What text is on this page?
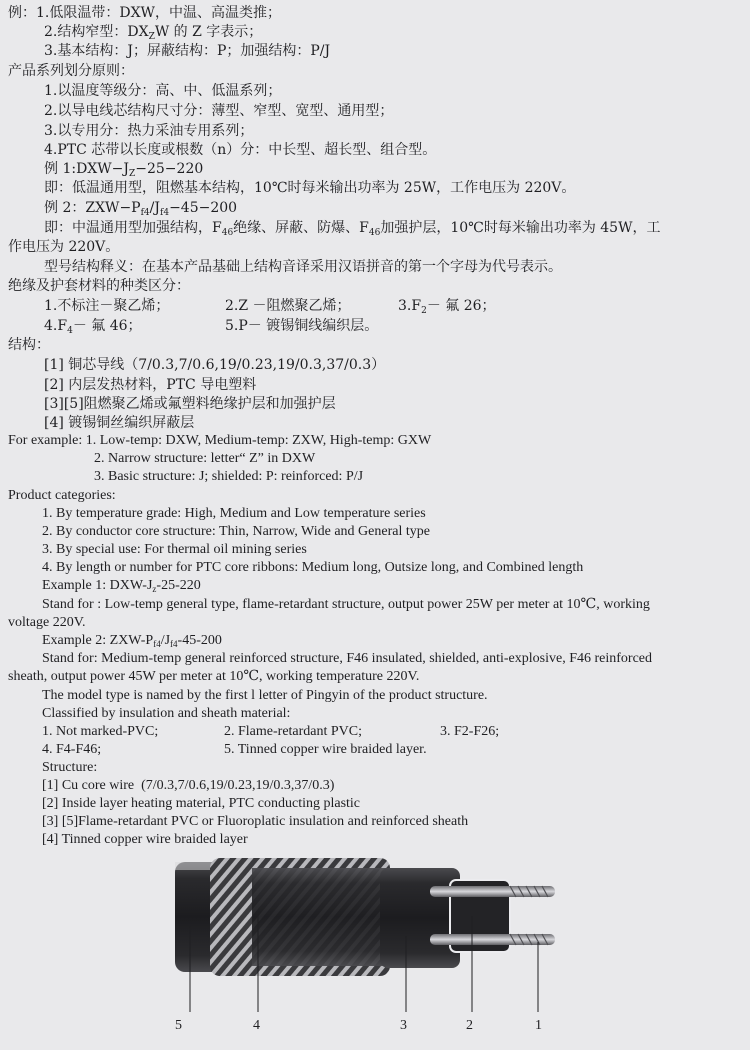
例：1.低限温带：DXW，中温、高温类推；
2.结构窄型：$DX_ZW$ 的 Z 字表示；
3.基本结构：J；屏蔽结构：P；加强结构：P/J
产品系列划分原则：
1.以温度等级分：高、中、低温系列；
2.以导电线芯结构尺寸分：薄型、窄型、宽型、通用型；
3.以专用分：热力采油专用系列；
4.PTC 芯带以长度或根数（n）分：中长型、超长型、组合型。
例 $1:DXW-J_Z-25-220$
即：低温通用型，阻燃基本结构，10℃时每米输出功率为 25W，工作电压为 220V。
例 2：$ZXW-P_{f4}/J_{f4}-45-200$
即：中温通用型加强结构，$F_{46}$绝缘、屏蔽、防爆、$F_{46}$加强护层，10℃时每米输出功率为 45W，工
作电压为 220V。
型号结构释义：在基本产品基础上结构音译采用汉语拼音的第一个字母为代号表示。
绝缘及护套材料的种类区分：
1.不标注－聚乙烯；	2.Z －阻燃聚乙烯；	$3.F_2-$ 氟 26；
$4.F_4-$ 氟 46；	5.P－ 镀锡铜线编织层。
结构：
[1] 铜芯导线（7/0.3,7/0.6,19/0.23,19/0.3,37/0.3）
[2] 内层发热材料，PTC 导电塑料
[3][5]阻燃聚乙烯或氟塑料绝缘护层和加强护层
[4] 镀锡铜丝编织屏蔽层
For example: 1. Low-temp: DXW, Medium-temp: ZXW, High-temp: GXW
2. Narrow structure: letter“ Z” in DXW
3. Basic structure: J; shielded: P: reinforced: P/J
Product categories:
1. By temperature grade: High, Medium and Low temperature series
2. By conductor core structure: Thin, Narrow, Wide and General type
3. By special use: For thermal oil mining series
4. By length or number for PTC core ribbons: Medium long, Outsize long, and Combined length
Example 1: DXW-$J_z-25-220$
Stand for : Low-temp general type, flame-retardant structure, output power 25W per meter at 10℃, working
voltage 220V.
Example 2: ZXW-$P_{f4}/J_{f4}-45-200$
Stand for: Medium-temp general reinforced structure, F46 insulated, shielded, anti-explosive, F46 reinforced
sheath, output power 45W per meter at 10℃, working temperature 220V.
The model type is named by the first l letter of Pingyin of the product structure.
Classified by insulation and sheath material:
1. Not marked-PVC;	2. Flame-retardant PVC;	3. F2-F26;
4. F4-F46;	5. Tinned copper wire braided layer.
Structure:
[1] Cu core wire (7/0.3,7/0.6,19/0.23,19/0.3,37/0.3)
[2] Inside layer heating material, PTC conducting plastic
[3] [5]Flame-retardant PVC or Fluoroplatic insulation and reinforced sheath
[4] Tinned copper wire braided layer
5	4	3	2	1
